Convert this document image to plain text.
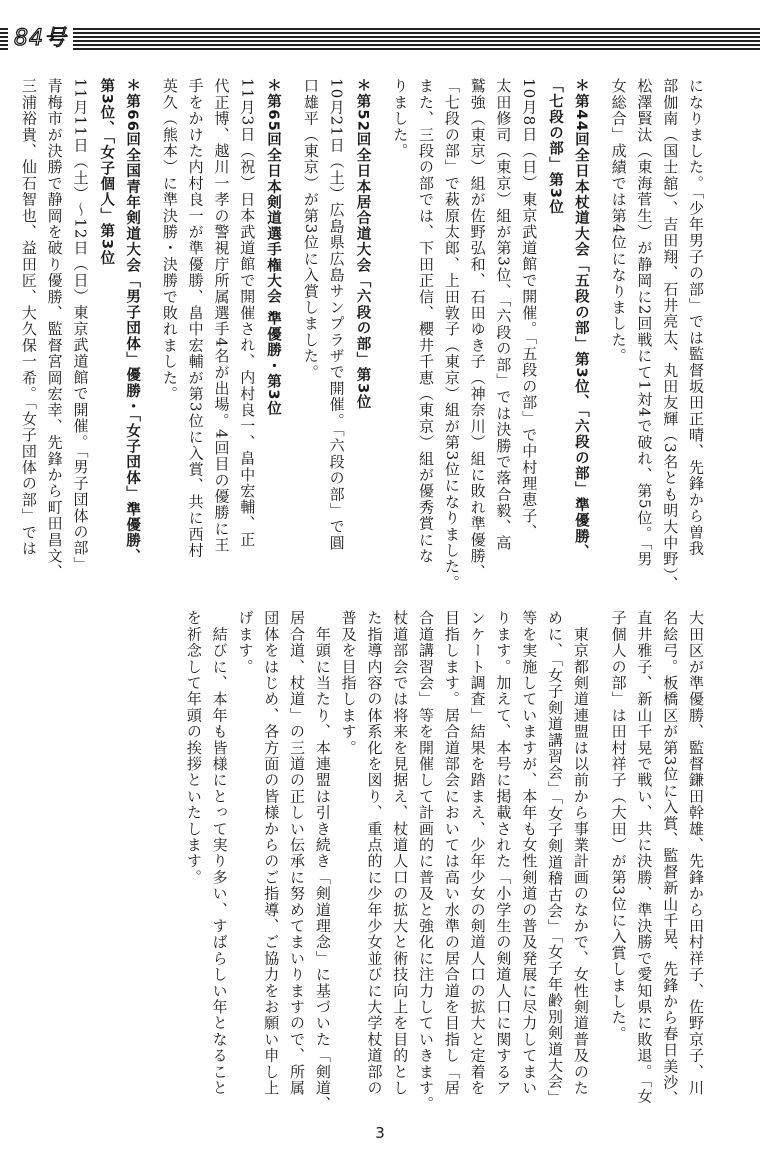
84号
になりました。「少年男子の部」では監督坂田正晴、先鋒から曽我
部伽南（国士舘）、吉田翔、石井亮太、丸田友輝（3名とも明大中野）、
松澤賢汰（東海菅生）が静岡に2回戦にて1対4で破れ、第5位。「男
女総合」成績では第4位になりました。
＊第44回全日本杖道大会「五段の部」第3位、「六段の部」準優勝、
「七段の部」第3位
10月8日（日）東京武道館で開催。「五段の部」で中村理恵子、
太田修司（東京）組が第3位、「六段の部」では決勝で落合毅、高
鷲強（東京）組が佐野弘和、石田ゆき子（神奈川）組に敗れ準優勝、
「七段の部」で萩原太郎、上田敦子（東京）組が第3位になりました。
また、三段の部では、下田正信、櫻井千恵（東京）組が優秀賞にな
りました。
＊第52回全日本居合道大会「六段の部」第3位
10月21日（土）広島県広島サンプラザで開催。「六段の部」で圓
口雄平（東京）が第3位に入賞しました。
＊第65回全日本剣道選手権大会 準優勝・第3位
11月3日（祝）日本武道館で開催され、内村良一、畠中宏輔、正
代正博、越川一孝の警視庁所属選手4名が出場。4回目の優勝に王
手をかけた内村良一が準優勝、畠中宏輔が第3位に入賞、共に西村
英久（熊本）に準決勝・決勝で敗れました。
＊第66回全国青年剣道大会「男子団体」優勝・「女子団体」準優勝、
第3位、「女子個人」第3位
11月11日（土）～12日（日）東京武道館で開催。「男子団体の部」
青梅市が決勝で静岡を破り優勝、監督宮岡宏幸、先鋒から町田昌文、
三浦裕貴、仙石智也、益田匠、大久保一希。「女子団体の部」では
大田区が準優勝、監督鎌田幹雄、先鋒から田村祥子、佐野京子、川
名絵弓。板橋区が第3位に入賞、監督新山千晃、先鋒から春日美沙、
直井雅子、新山千晃で戦い、共に決勝、準決勝で愛知県に敗退。「女
子個人の部」は田村祥子（大田）が第3位に入賞しました。
　東京都剣道連盟は以前から事業計画のなかで、女性剣道普及のた
めに、「女子剣道講習会」「女子剣道稽古会」「女子年齢別剣道大会」
等を実施していますが、本年も女性剣道の普及発展に尽力してまい
ります。加えて、本号に掲載された「小学生の剣道人口に関するア
ンケート調査」結果を踏まえ、少年少女の剣道人口の拡大と定着を
目指します。居合道部会においては高い水準の居合道を目指し「居
合道講習会」等を開催して計画的に普及と強化に注力していきます。
杖道部会では将来を見据え、杖道人口の拡大と術技向上を目的とし
た指導内容の体系化を図り、重点的に少年少女並びに大学杖道部の
普及を目指します。
　年頭に当たり、本連盟は引き続き「剣道理念」に基づいた「剣道、
居合道、杖道」の三道の正しい伝承に努めてまいりますので、所属
団体をはじめ、各方面の皆様からのご指導、ご協力をお願い申し上
げます。
　結びに、本年も皆様にとって実り多い、すばらしい年となること
を祈念して年頭の挨拶といたします。
3
